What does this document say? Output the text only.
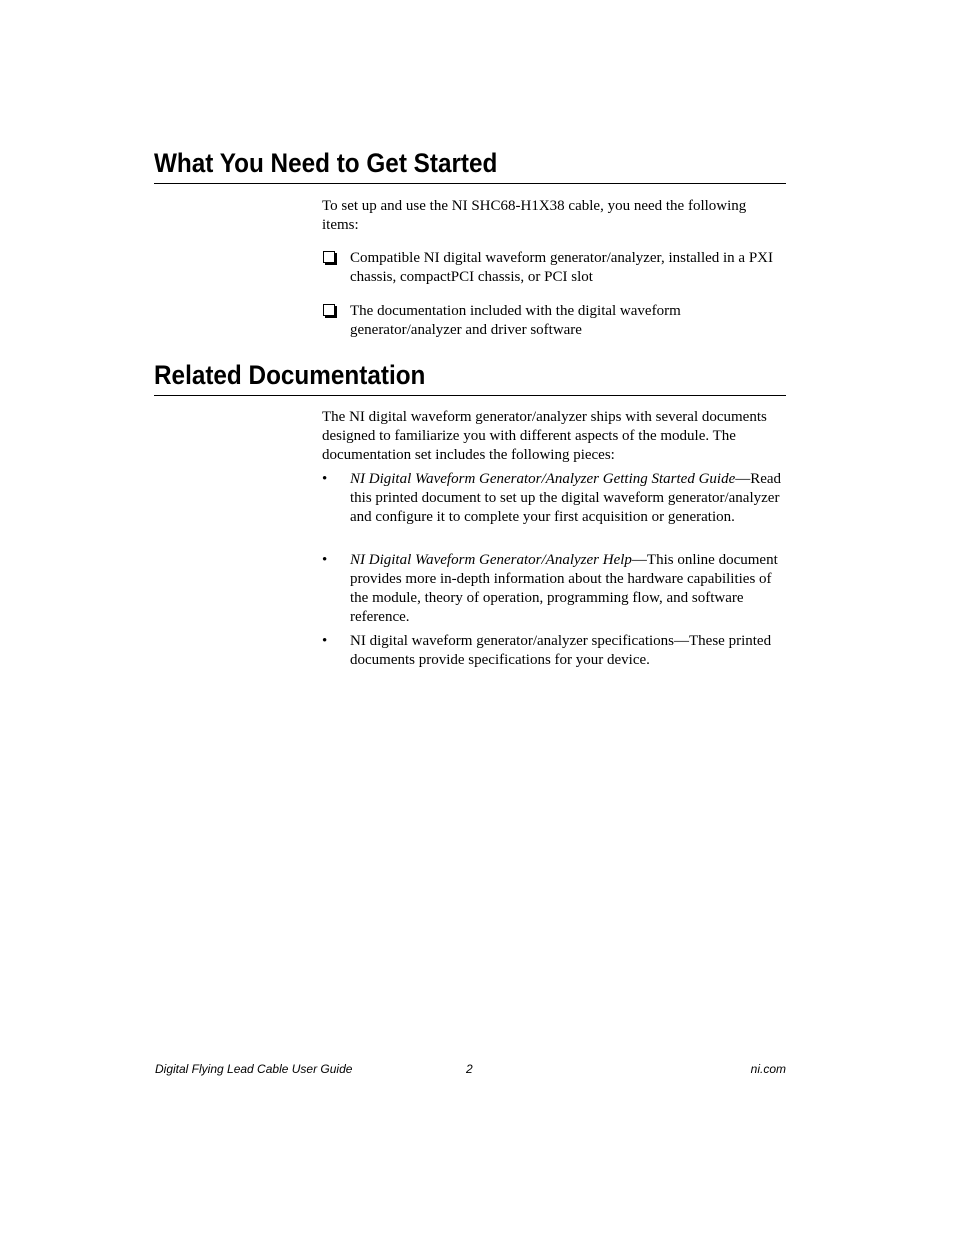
What You Need to Get Started

To set up and use the NI SHC68-H1X38 cable, you need the following items:

Compatible NI digital waveform generator/analyzer, installed in a PXI chassis, compactPCI chassis, or PCI slot
The documentation included with the digital waveform generator/analyzer and driver software
Related Documentation

The NI digital waveform generator/analyzer ships with several documents designed to familiarize you with different aspects of the module. The documentation set includes the following pieces:

• NI Digital Waveform Generator/Analyzer Getting Started Guide—Read this printed document to set up the digital waveform generator/analyzer and configure it to complete your first acquisition or generation.
• NI Digital Waveform Generator/Analyzer Help—This online document provides more in-depth information about the hardware capabilities of the module, theory of operation, programming flow, and software reference.
• NI digital waveform generator/analyzer specifications—These printed documents provide specifications for your device.
Digital Flying Lead Cable User Guide	2	ni.com
